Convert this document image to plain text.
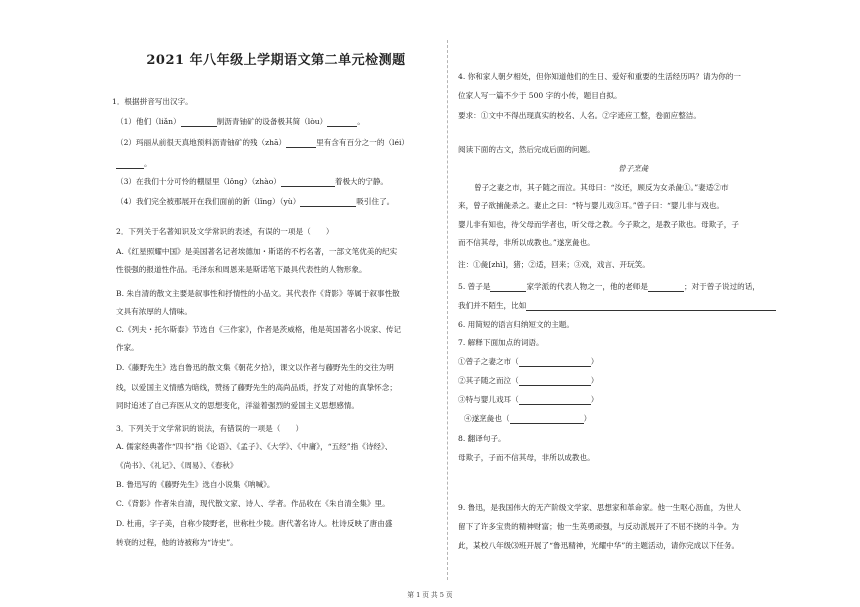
2021 年八年级上学期语文第二单元检测题
1．根据拼音写出汉字。
（1）他们（liǎn）	制沥青铀矿的设备极其简（lòu）	。
（2）玛丽从前很天真地预料沥青铀矿的残（zhā）	里有含有百分之一的（léi）
。
（3）在我们十分可怜的棚屋里（lǒng）（zhào）	着极大的宁静。
（4）我们完全被那展开在我们面前的新（lǐng）（yù）	吸引住了。
2．下列关于名著知识及文学常识的表述，有误的一项是（　　）
A.《红星照耀中国》是美国著名记者埃德加・斯诺的不朽名著，一部文笔优美的纪实
性很强的报道性作品。毛泽东和周恩来是斯诺笔下最具代表性的人物形象。
B. 朱自清的散文主要是叙事性和抒情性的小品文。其代表作《背影》等属于叙事性散
文具有浓厚的人情味。
C.《列夫・托尔斯泰》节选自《三作家》，作者是茨威格，他是英国著名小说家、传记
作家。
D.《藤野先生》选自鲁迅的散文集《朝花夕拾》，课文以作者与藤野先生的交往为明
线，以爱国主义情感为暗线，赞扬了藤野先生的高尚品质，抒发了对他的真挚怀念；
同时追述了自己弃医从文的思想变化，洋溢着强烈的爱国主义思想感情。
3．下列关于文学常识的说法，有错误的一项是（　　）
A. 儒家经典著作“四书”指《论语》、《孟子》、《大学》、《中庸》，“五经”指《诗经》、
《尚书》、《礼记》、《周易》、《春秋》
B. 鲁迅写的《藤野先生》选自小说集《呐喊》。
C.《背影》作者朱自清，现代散文家、诗人、学者。作品收在《朱自清全集》里。
D. 杜甫，字子美，自称少陵野老，世称杜少陵。唐代著名诗人。杜诗反映了唐由盛
转衰的过程，他的诗被称为“诗史”。
4. 你和家人朝夕相处，但你知道他们的生日、爱好和重要的生活经历吗？请为你的一
位家人写一篇不少于 500 字的小传，题目自拟。
要求：①文中不得出现真实的校名、人名。②字迹应工整，卷面应整洁。
阅读下面的古文，然后完成后面的问题。
曾子烹彘
曾子之妻之市，其子随之而泣。其母曰：“汝还，顾反为女杀彘①。”妻适②市
来，曾子欲捕彘杀之。妻止之曰：“特与婴儿戏③耳。”曾子曰：“婴儿非与戏也。
婴儿非有知也，待父母而学者也，听父母之教。今子欺之，是教子欺也。母欺子，子
而不信其母，非所以成教也。”遂烹彘也。
注：①彘[zhì]，猪；②适，回来；③戏，戏言、开玩笑。
5. 曾子是	家学派的代表人物之一，他的老师是	；对于曾子说过的话，
我们并不陌生，比如
6. 用简短的语言归纳短文的主题。
7. 解释下面加点的词语。
①曾子之妻之市（	）
②其子随之而泣（	）
③特与婴儿戏耳（	）
④遂烹彘也（	）
8. 翻译句子。
母欺子，子而不信其母，非所以成教也。
9. 鲁迅，是我国伟大的无产阶级文学家、思想家和革命家。他一生呕心沥血，为世人
留下了许多宝贵的精神财富；他一生英勇顽强，与反动派展开了不屈不挠的斗争。为
此，某校八年级⑶班开展了“鲁迅精神，光耀中华”的主题活动，请你完成以下任务。
第 1 页 共 5 页
